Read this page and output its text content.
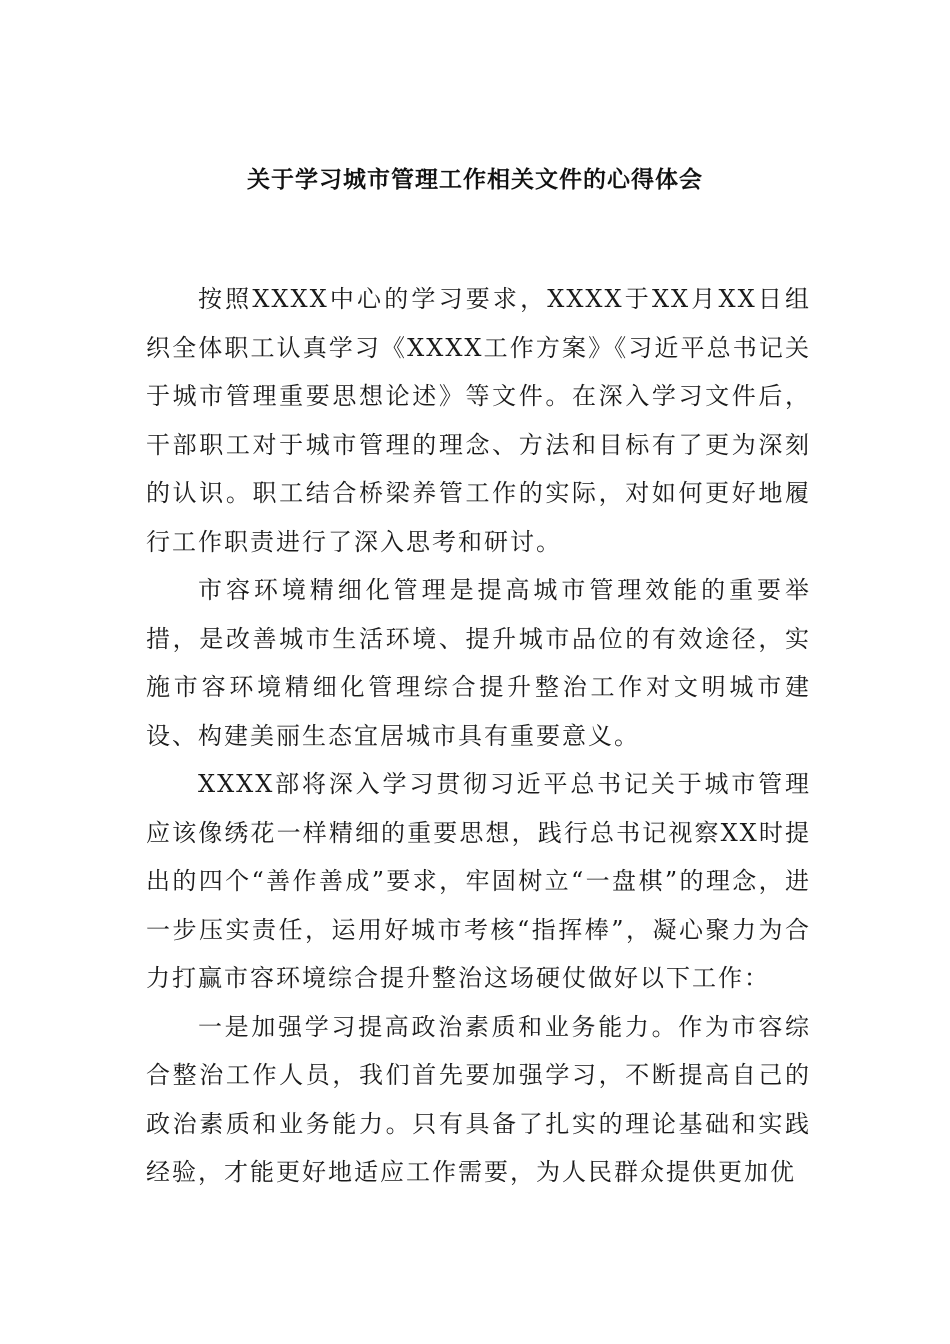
关于学习城市管理工作相关文件的心得体会

按照XXXX中心的学习要求，XXXX于XX月XX日组织全体职工认真学习《XXXX工作方案》《习近平总书记关于城市管理重要思想论述》等文件。在深入学习文件后，干部职工对于城市管理的理念、方法和目标有了更为深刻的认识。职工结合桥梁养管工作的实际，对如何更好地履行工作职责进行了深入思考和研讨。

市容环境精细化管理是提高城市管理效能的重要举措，是改善城市生活环境、提升城市品位的有效途径，实施市容环境精细化管理综合提升整治工作对文明城市建设、构建美丽生态宜居城市具有重要意义。

XXXX部将深入学习贯彻习近平总书记关于城市管理应该像绣花一样精细的重要思想，践行总书记视察XX时提出的四个“善作善成”要求，牢固树立“一盘棋”的理念，进一步压实责任，运用好城市考核“指挥棒”，凝心聚力为合力打赢市容环境综合提升整治这场硬仗做好以下工作：

一是加强学习提高政治素质和业务能力。作为市容综合整治工作人员，我们首先要加强学习，不断提高自己的政治素质和业务能力。只有具备了扎实的理论基础和实践经验，才能更好地适应工作需要，为人民群众提供更加优
